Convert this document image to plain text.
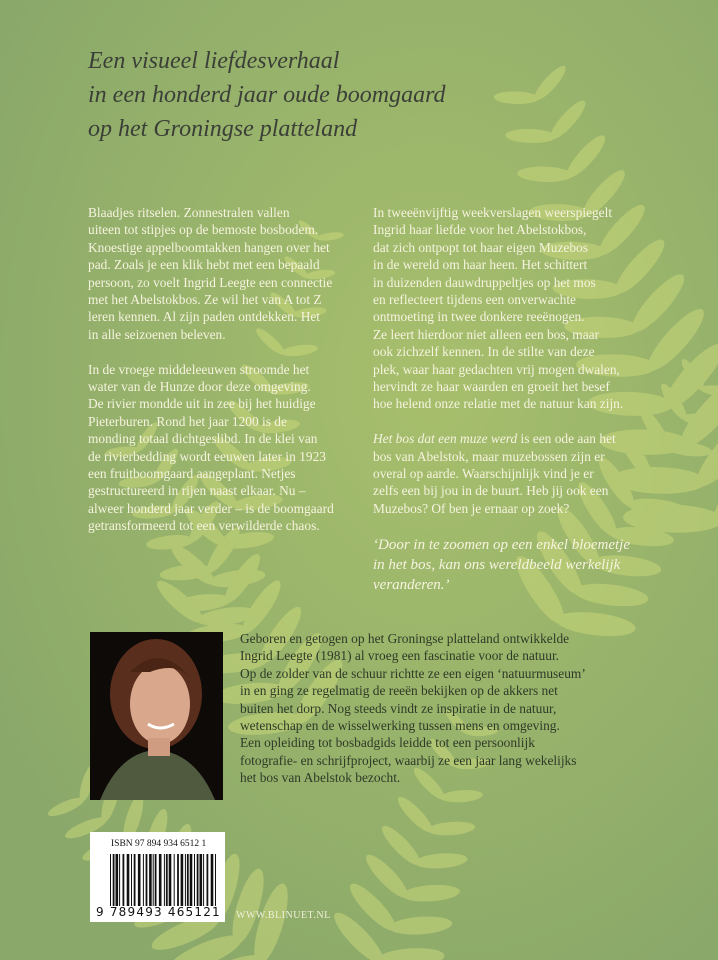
Een visueel liefdesverhaal
in een honderd jaar oude boomgaard
op het Groningse platteland

Blaadjes ritselen. Zonnestralen vallen
uiteen tot stipjes op de bemoste bosbodem.
Knoestige appelboomtakken hangen over het
pad. Zoals je een klik hebt met een bepaald
persoon, zo voelt Ingrid Leegte een connectie
met het Abelstokbos. Ze wil het van A tot Z
leren kennen. Al zijn paden ontdekken. Het
in alle seizoenen beleven.

In de vroege middeleeuwen stroomde het
water van de Hunze door deze omgeving.
De rivier mondde uit in zee bij het huidige
Pieterburen. Rond het jaar 1200 is de
monding totaal dichtgeslibd. In de klei van
de rivierbedding wordt eeuwen later in 1923
een fruitboomgaard aangeplant. Netjes
gestructureerd in rijen naast elkaar. Nu –
alweer honderd jaar verder – is de boomgaard
getransformeerd tot een verwilderde chaos.

In tweeënvijftig weekverslagen weerspiegelt
Ingrid haar liefde voor het Abelstokbos,
dat zich ontpopt tot haar eigen Muzebos
in de wereld om haar heen. Het schittert
in duizenden dauwdruppeltjes op het mos
en reflecteert tijdens een onverwachte
ontmoeting in twee donkere reeënogen.
Ze leert hierdoor niet alleen een bos, maar
ook zichzelf kennen. In de stilte van deze
plek, waar haar gedachten vrij mogen dwalen,
hervindt ze haar waarden en groeit het besef
hoe helend onze relatie met de natuur kan zijn.

Het bos dat een muze werd is een ode aan het
bos van Abelstok, maar muzebossen zijn er
overal op aarde. Waarschijnlijk vind je er
zelfs een bij jou in de buurt. Heb jij ook een
Muzebos? Of ben je ernaar op zoek?

‘Door in te zoomen op een enkel bloemetje
in het bos, kan ons wereldbeeld werkelijk
veranderen.’

Geboren en getogen op het Groningse platteland ontwikkelde
Ingrid Leegte (1981) al vroeg een fascinatie voor de natuur.
Op de zolder van de schuur richtte ze een eigen ‘natuurmuseum’
in en ging ze regelmatig de reeën bekijken op de akkers net
buiten het dorp. Nog steeds vindt ze inspiratie in de natuur,
wetenschap en de wisselwerking tussen mens en omgeving.
Een opleiding tot bosbadgids leidde tot een persoonlijk
fotografie- en schrijfproject, waarbij ze een jaar lang wekelijks
het bos van Abelstok bezocht.
ISBN 97 894 934 6512 1
9 789493 465121 WWW.BLINUET.NL
